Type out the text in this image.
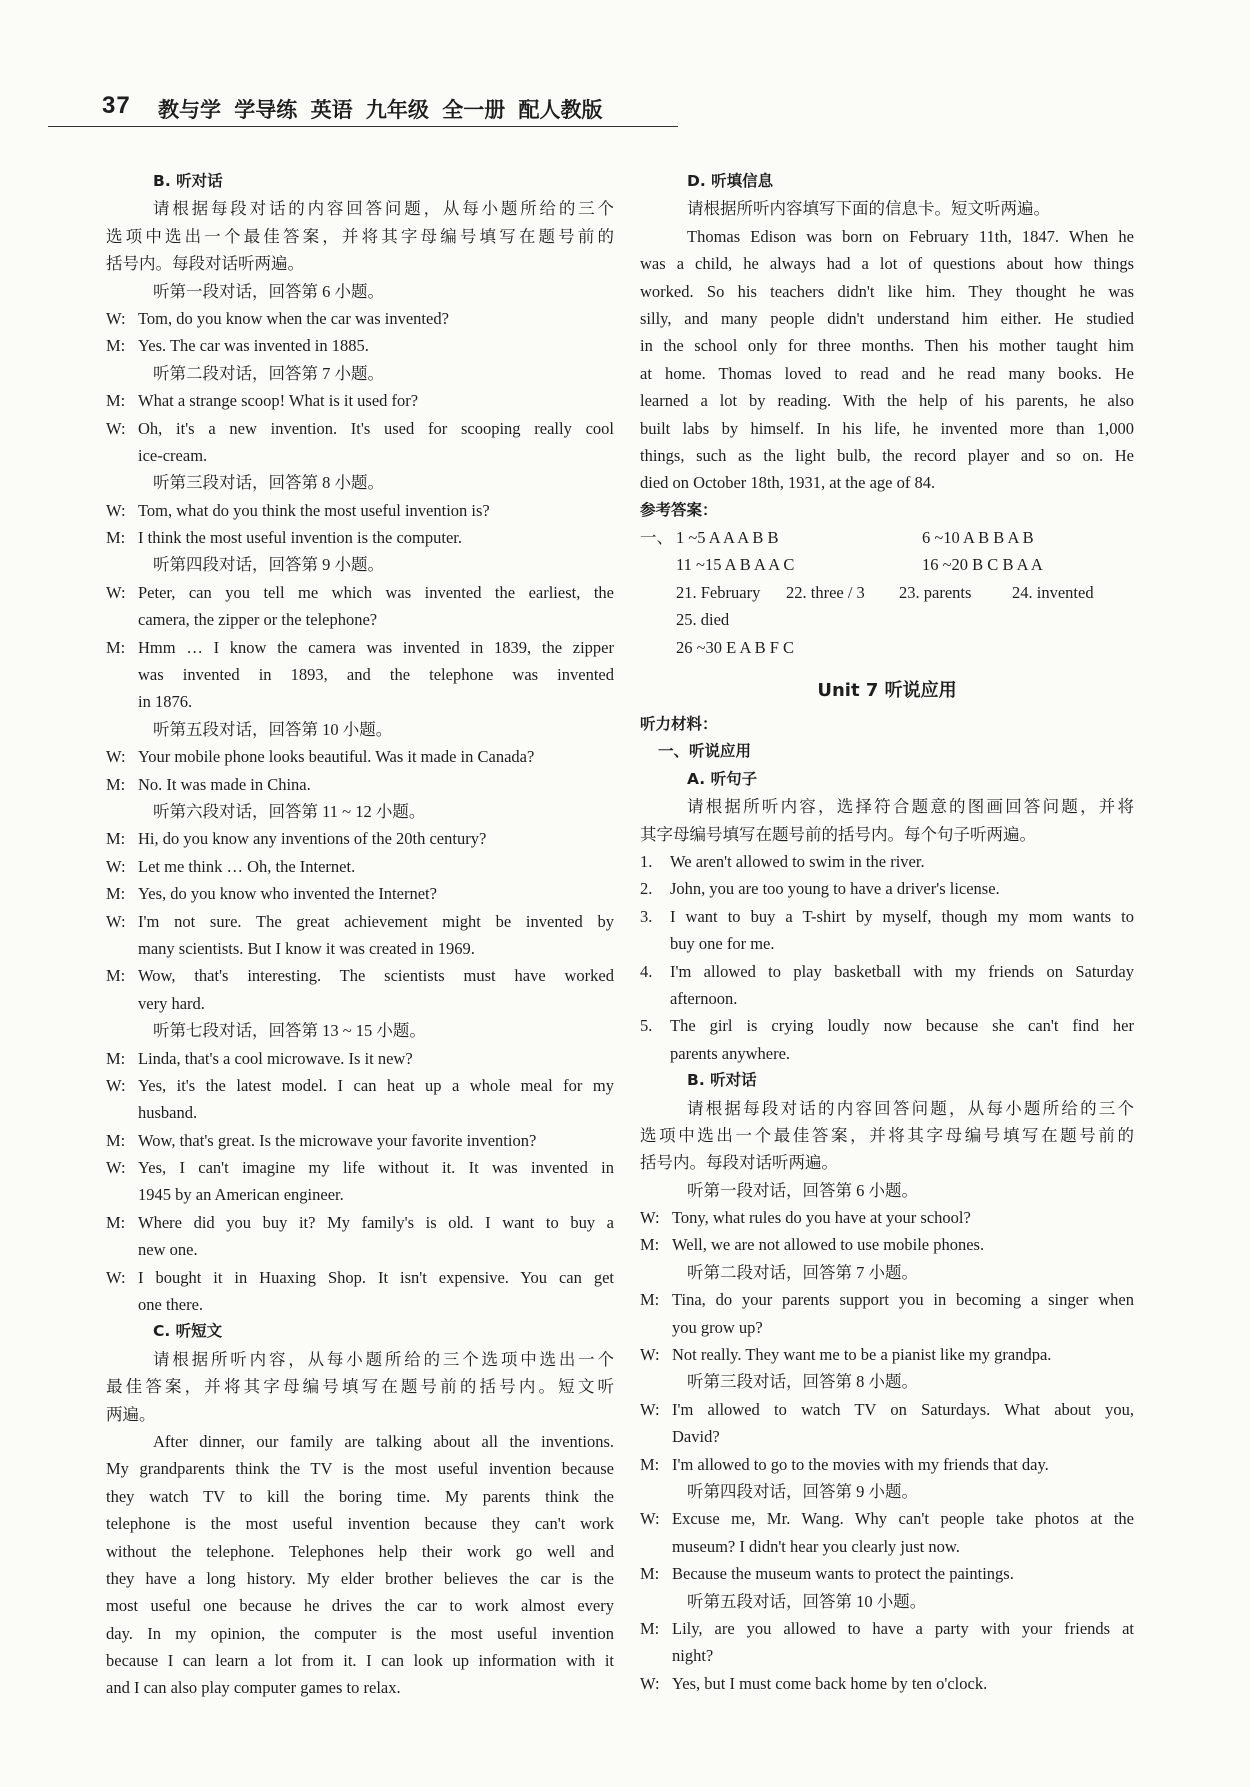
37 教与学 学导练 英语 九年级 全一册 配人教版
B. 听对话
请根据每段对话的内容回答问题，从每小题所给的三个
选项中选出一个最佳答案，并将其字母编号填写在题号前的
括号内。每段对话听两遍。
听第一段对话，回答第 6 小题。
W: Tom, do you know when the car was invented?
M: Yes. The car was invented in 1885.
听第二段对话，回答第 7 小题。
M: What a strange scoop! What is it used for?
W: Oh, it's a new invention. It's used for scooping really cool
ice-cream.
听第三段对话，回答第 8 小题。
W: Tom, what do you think the most useful invention is?
M: I think the most useful invention is the computer.
听第四段对话，回答第 9 小题。
W: Peter, can you tell me which was invented the earliest, the
camera, the zipper or the telephone?
M: Hmm … I know the camera was invented in 1839, the zipper
was invented in 1893, and the telephone was invented
in 1876.
听第五段对话，回答第 10 小题。
W: Your mobile phone looks beautiful. Was it made in Canada?
M: No. It was made in China.
听第六段对话，回答第 11 ~ 12 小题。
M: Hi, do you know any inventions of the 20th century?
W: Let me think … Oh, the Internet.
M: Yes, do you know who invented the Internet?
W: I'm not sure. The great achievement might be invented by
many scientists. But I know it was created in 1969.
M: Wow, that's interesting. The scientists must have worked
very hard.
听第七段对话，回答第 13 ~ 15 小题。
M: Linda, that's a cool microwave. Is it new?
W: Yes, it's the latest model. I can heat up a whole meal for my
husband.
M: Wow, that's great. Is the microwave your favorite invention?
W: Yes, I can't imagine my life without it. It was invented in
1945 by an American engineer.
M: Where did you buy it? My family's is old. I want to buy a
new one.
W: I bought it in Huaxing Shop. It isn't expensive. You can get
one there.
C. 听短文
请根据所听内容，从每小题所给的三个选项中选出一个
最佳答案，并将其字母编号填写在题号前的括号内。短文听
两遍。
After dinner, our family are talking about all the inventions.
My grandparents think the TV is the most useful invention because
they watch TV to kill the boring time. My parents think the
telephone is the most useful invention because they can't work
without the telephone. Telephones help their work go well and
they have a long history. My elder brother believes the car is the
most useful one because he drives the car to work almost every
day. In my opinion, the computer is the most useful invention
because I can learn a lot from it. I can look up information with it
and I can also play computer games to relax.
D. 听填信息
请根据所听内容填写下面的信息卡。短文听两遍。
Thomas Edison was born on February 11th, 1847. When he
was a child, he always had a lot of questions about how things
worked. So his teachers didn't like him. They thought he was
silly, and many people didn't understand him either. He studied
in the school only for three months. Then his mother taught him
at home. Thomas loved to read and he read many books. He
learned a lot by reading. With the help of his parents, he also
built labs by himself. In his life, he invented more than 1,000
things, such as the light bulb, the record player and so on. He
died on October 18th, 1931, at the age of 84.
参考答案：
一、 1 ~5 A A A B B	6 ~10 A B B A B
11 ~15 A B A A C	16 ~20 B C B A A
21. February	22. three / 3	23. parents	24. invented
25. died
26 ~30 E A B F C
Unit 7 听说应用
听力材料：
一、听说应用
A. 听句子
请根据所听内容，选择符合题意的图画回答问题，并将
其字母编号填写在题号前的括号内。每个句子听两遍。
1.	We aren't allowed to swim in the river.
2.	John, you are too young to have a driver's license.
3.	I want to buy a T-shirt by myself, though my mom wants to
buy one for me.
4.	I'm allowed to play basketball with my friends on Saturday
afternoon.
5.	The girl is crying loudly now because she can't find her
parents anywhere.
B. 听对话
请根据每段对话的内容回答问题，从每小题所给的三个
选项中选出一个最佳答案，并将其字母编号填写在题号前的
括号内。每段对话听两遍。
听第一段对话，回答第 6 小题。
W: Tony, what rules do you have at your school?
M: Well, we are not allowed to use mobile phones.
听第二段对话，回答第 7 小题。
M: Tina, do your parents support you in becoming a singer when
you grow up?
W: Not really. They want me to be a pianist like my grandpa.
听第三段对话，回答第 8 小题。
W: I'm allowed to watch TV on Saturdays. What about you,
David?
M: I'm allowed to go to the movies with my friends that day.
听第四段对话，回答第 9 小题。
W: Excuse me, Mr. Wang. Why can't people take photos at the
museum? I didn't hear you clearly just now.
M: Because the museum wants to protect the paintings.
听第五段对话，回答第 10 小题。
M: Lily, are you allowed to have a party with your friends at
night?
W: Yes, but I must come back home by ten o'clock.
